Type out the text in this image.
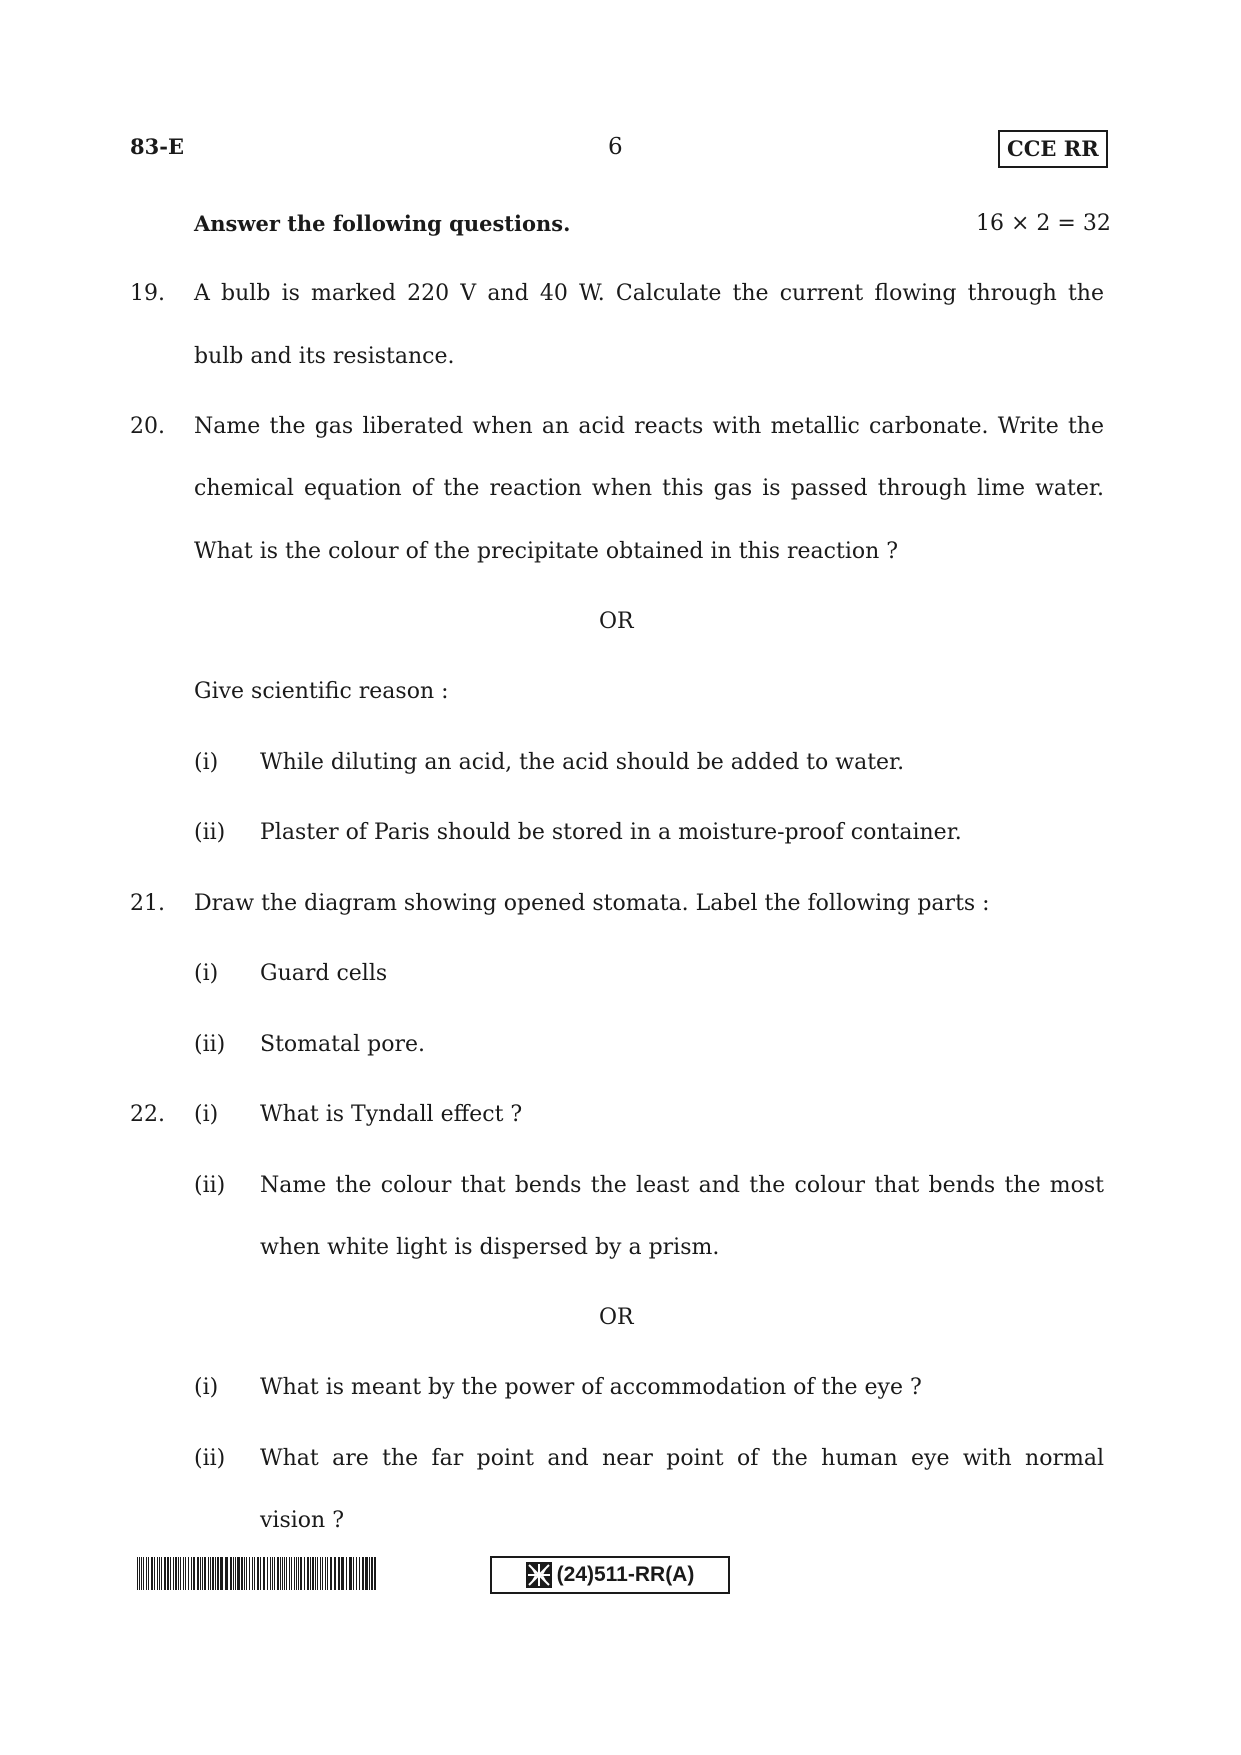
83-E	6	CCE RR
Answer the following questions.	16 × 2 = 32
19. A bulb is marked 220 V and 40 W. Calculate the current flowing through the
bulb and its resistance.
20. Name the gas liberated when an acid reacts with metallic carbonate. Write the
chemical equation of the reaction when this gas is passed through lime water.
What is the colour of the precipitate obtained in this reaction ?
OR
Give scientific reason :
(i) While diluting an acid, the acid should be added to water.
(ii) Plaster of Paris should be stored in a moisture-proof container.
21. Draw the diagram showing opened stomata. Label the following parts :
(i) Guard cells
(ii) Stomatal pore.
22. (i) What is Tyndall effect ?
(ii) Name the colour that bends the least and the colour that bends the most
when white light is dispersed by a prism.
OR
(i) What is meant by the power of accommodation of the eye ?
(ii) What are the far point and near point of the human eye with normal
vision ?
(24)511-RR(A)
